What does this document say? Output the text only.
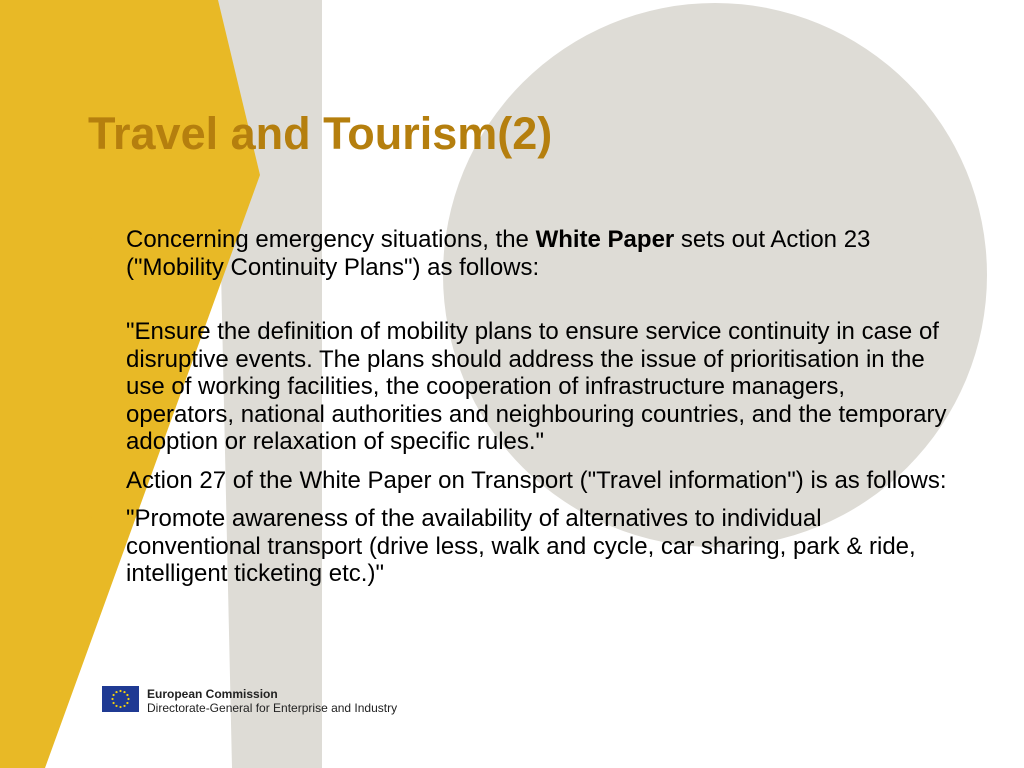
Travel and Tourism(2)
• Concerning emergency situations, the White Paper sets out Action 23 ("Mobility Continuity Plans") as follows:
• "Ensure the definition of mobility plans to ensure service continuity in case of disruptive events. The plans should address the issue of prioritisation in the use of working facilities, the cooperation of infrastructure managers, operators, national authorities and neighbouring countries, and the temporary adoption or relaxation of specific rules."
• Action 27 of the White Paper on Transport ("Travel information") is as follows:
• "Promote awareness of the availability of alternatives to individual conventional transport (drive less, walk and cycle, car sharing, park & ride, intelligent ticketing etc.)"
European Commission
Directorate-General for Enterprise and Industry
